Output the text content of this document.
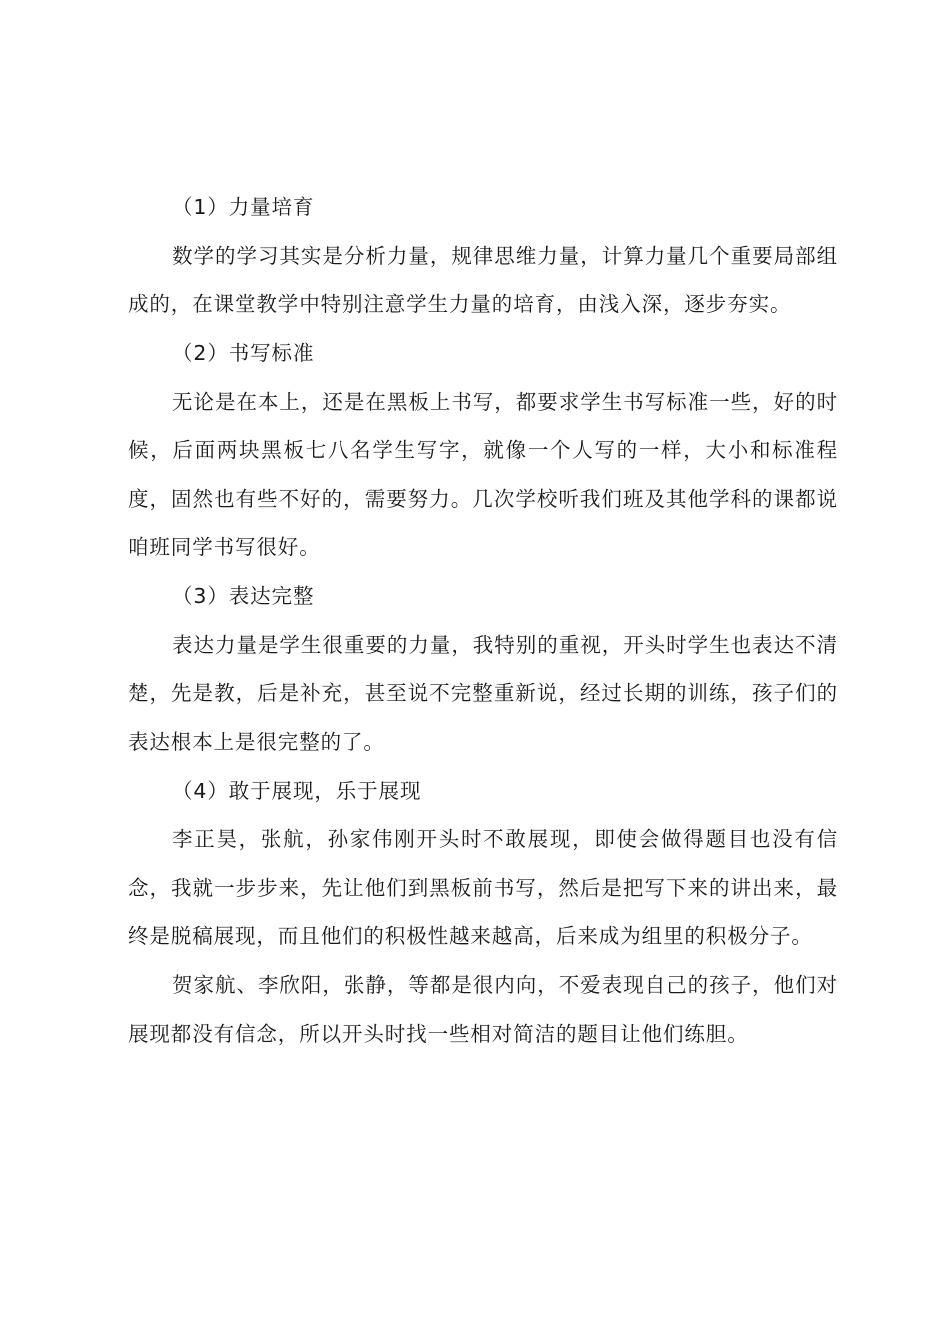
（1）力量培育

数学的学习其实是分析力量，规律思维力量，计算力量几个重要局部组成的，在课堂教学中特别注意学生力量的培育，由浅入深，逐步夯实。

（2）书写标准

无论是在本上，还是在黑板上书写，都要求学生书写标准一些，好的时候，后面两块黑板七八名学生写字，就像一个人写的一样，大小和标准程度，固然也有些不好的，需要努力。几次学校听我们班及其他学科的课都说咱班同学书写很好。

（3）表达完整

表达力量是学生很重要的力量，我特别的重视，开头时学生也表达不清楚，先是教，后是补充，甚至说不完整重新说，经过长期的训练，孩子们的表达根本上是很完整的了。

（4）敢于展现，乐于展现

李正昊，张航，孙家伟刚开头时不敢展现，即使会做得题目也没有信念，我就一步步来，先让他们到黑板前书写，然后是把写下来的讲出来，最终是脱稿展现，而且他们的积极性越来越高，后来成为组里的积极分子。

贺家航、李欣阳，张静，等都是很内向，不爱表现自己的孩子，他们对展现都没有信念，所以开头时找一些相对简洁的题目让他们练胆。
